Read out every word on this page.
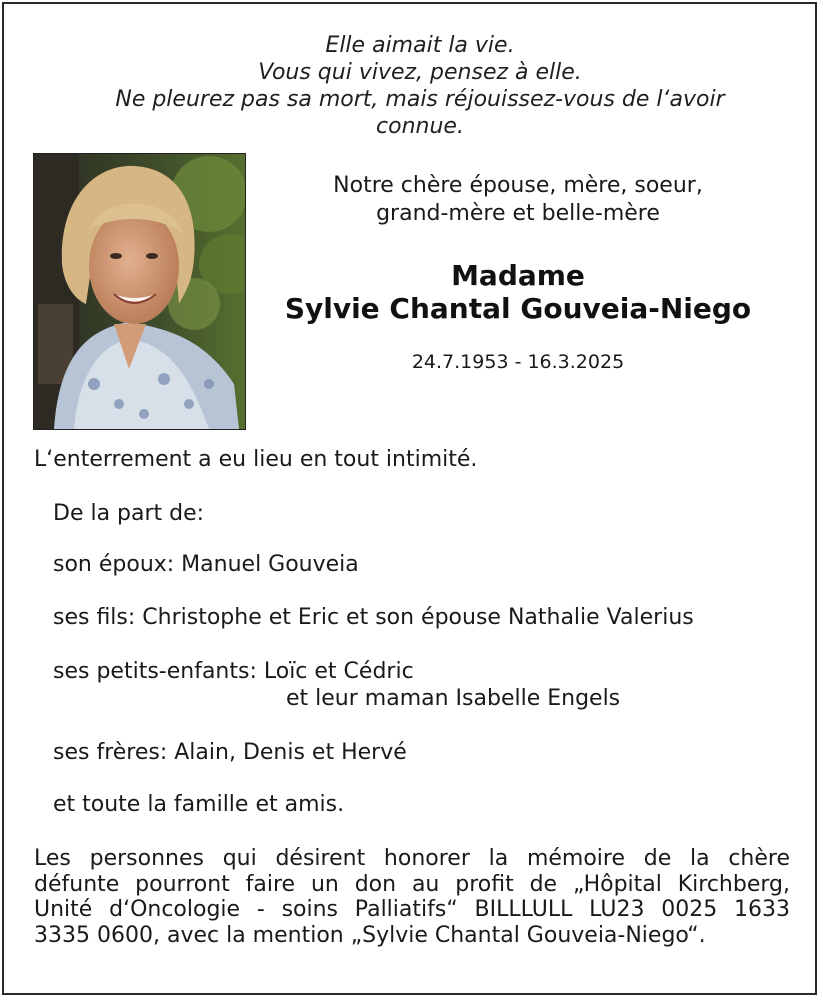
Elle aimait la vie.
Vous qui vivez, pensez à elle.
Ne pleurez pas sa mort, mais réjouissez-vous de l‘avoir
connue.
Notre chère épouse, mère, soeur,
grand-mère et belle-mère
Madame
Sylvie Chantal Gouveia-Niego
24.7.1953 - 16.3.2025
L‘enterrement a eu lieu en tout intimité.
De la part de:
son époux: Manuel Gouveia
ses fils: Christophe et Eric et son épouse Nathalie Valerius
ses petits-enfants: Loïc et Cédric
et leur maman Isabelle Engels
ses frères: Alain, Denis et Hervé
et toute la famille et amis.
Les personnes qui désirent honorer la mémoire de la chère
défunte pourront faire un don au profit de „Hôpital Kirchberg,
Unité d‘Oncologie - soins Palliatifs“ BILLLULL LU23 0025 1633
3335 0600, avec la mention „Sylvie Chantal Gouveia-Niego“.
